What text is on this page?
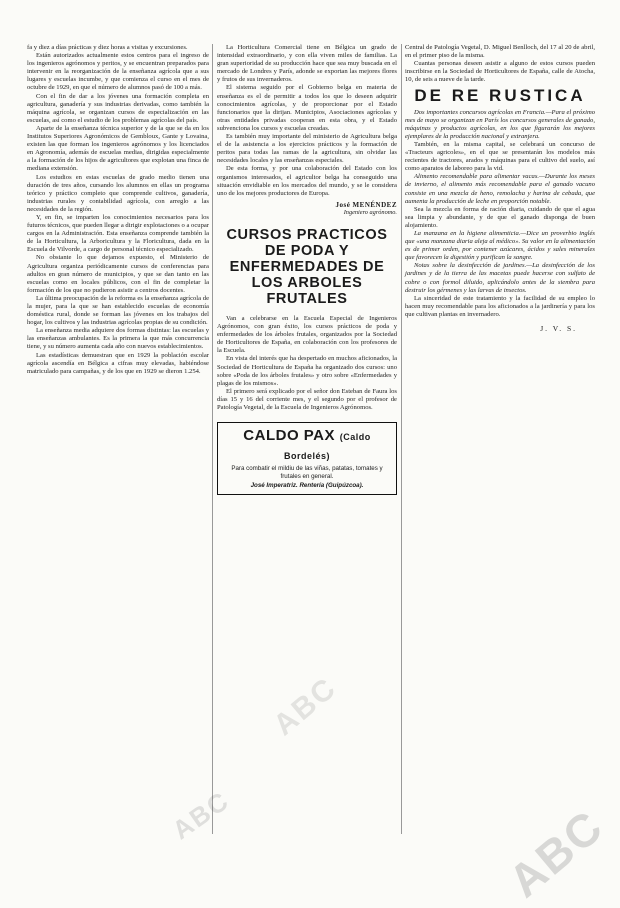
fa y diez a días prácticas y diez horas a visitas y excursiones.

Están autorizados actualmente estos centros para el ingreso de los ingenieros agrónomos y peritos, y se encuentran preparados para intervenir en la reorganización de la enseñanza agrícola que a sus lugares y escuelas incumbe, y que comienza el curso en el mes de octubre de 1929, en que el número de alumnos pasó de 100 a más.

Con el fin de dar a los jóvenes una formación completa en agricultura, ganadería y sus industrias derivadas, como también la máquina agrícola, se organizan cursos de especialización en las escuelas, así como el estudio de los problemas agrícolas del país.

Aparte de la enseñanza técnica superior y de la que se da en los Institutos Superiores Agronómicos de Gembloux, Gante y Lovaina, existen las que forman los ingenieros agrónomos y los licenciados en Agronomía, además de escuelas medias, dirigidas especialmente a la formación de los hijos de agricultores que explotan una finca de mediana extensión.

Los estudios en estas escuelas de grado medio tienen una duración de tres años, cursando los alumnos en ellas un programa teórico y práctico completo que comprende cultivos, ganadería, industrias rurales y contabilidad agrícola, con arreglo a las necesidades de la región.

Y, en fin, se imparten los conocimientos necesarios para los futuros técnicos, que pueden llegar a dirigir explotaciones o a ocupar cargos en la Administración. Esta enseñanza comprende también la de la Horticultura, la Arboricultura y la Floricultura, dada en la Escuela de Vilvorde, a cargo de personal técnico especializado.

No obstante lo que dejamos expuesto, el Ministerio de Agricultura organiza periódicamente cursos de conferencias para adultos en gran número de municipios, y que se dan tanto en las escuelas como en locales públicos, con el fin de completar la formación de los que no pudieron asistir a centros docentes.

La última preocupación de la reforma es la enseñanza agrícola de la mujer, para la que se han establecido escuelas de economía doméstica rural, donde se forman las jóvenes en los trabajos del hogar, los cultivos y las industrias agrícolas propias de su condición.

La enseñanza media adquiere dos formas distintas: las escuelas y las enseñanzas ambulantes. Es la primera la que más concurrencia tiene, y su número aumenta cada año con nuevos establecimientos.

Las estadísticas demuestran que en 1929 la población escolar agrícola ascendía en Bélgica a cifras muy elevadas, habiéndose matriculado para campañas, y de los que en 1929 se dieron 1.254.

La Horticultura Comercial tiene en Bélgica un grado de intensidad extraordinario, y con ella viven miles de familias. La gran superioridad de su producción hace que sea muy buscada en el mercado de Londres y París, adonde se exportan las mejores flores y frutos de sus invernaderos.

El sistema seguido por el Gobierno belga en materia de enseñanza es el de permitir a todos los que lo deseen adquirir conocimientos agrícolas, y de proporcionar por el Estado funcionarios que la dirijan. Municipios, Asociaciones agrícolas y otras entidades privadas cooperan en esta obra, y el Estado subvenciona los cursos y escuelas creadas.

Es también muy importante del ministerio de Agricultura belga el de la asistencia a los ejercicios prácticos y la formación de peritos para todas las ramas de la agricultura, sin olvidar las necesidades locales y las enseñanzas especiales.

De esta forma, y por una colaboración del Estado con los organismos interesados, el agricultor belga ha conseguido una situación envidiable en los mercados del mundo, y se le considera uno de los mejores productores de Europa.

José MENÉNDEZ
Ingeniero agrónomo.
CURSOS PRACTICOS DE PODA Y ENFERMEDADES DE LOS ARBOLES FRUTALES

Van a celebrarse en la Escuela Especial de Ingenieros Agrónomos, con gran éxito, los cursos prácticos de poda y enfermedades de los árboles frutales, organizados por la Sociedad de Horticultores de España, en colaboración con los profesores de la Escuela.

En vista del interés que ha despertado en muchos aficionados, la Sociedad de Horticultura de España ha organizado dos cursos: uno sobre «Poda de los árboles frutales» y otro sobre «Enfermedades y plagas de los mismos».

El primero será explicado por el señor don Esteban de Faura los días 15 y 16 del corriente mes, y el segundo por el profesor de Patología Vegetal, de la Escuela de Ingenieros Agrónomos.

CALDO PAX (Caldo Bordelés)
Para combatir el mildiu de las viñas, patatas, tomates y frutales en general.
José Imperatriz. Rentería (Guipúzcoa).

Central de Patología Vegetal, D. Miguel Benlloch, del 17 al 20 de abril, en el primer piso de la misma.

Cuantas personas deseen asistir a alguno de estos cursos pueden inscribirse en la Sociedad de Horticultores de España, calle de Atocha, 10, de seis a nueve de la tarde.

DE RE RUSTICA

Dos importantes concursos agrícolas en Francia.—Para el próximo mes de mayo se organizan en París los concursos generales de ganado, máquinas y productos agrícolas, en los que figurarán los mejores ejemplares de la producción nacional y extranjera.

También, en la misma capital, se celebrará un concurso de «Tracteurs agricoles», en el que se presentarán los modelos más recientes de tractores, arados y máquinas para el cultivo del suelo, así como aparatos de laboreo para la vid.

Alimento recomendable para alimentar vacas.—Durante los meses de invierno, el alimento más recomendable para el ganado vacuno consiste en una mezcla de heno, remolacha y harina de cebada, que aumenta la producción de leche en proporción notable.

Sea la mezcla en forma de ración diaria, cuidando de que el agua sea limpia y abundante, y de que el ganado disponga de buen alojamiento.

La manzana en la higiene alimenticia.—Dice un proverbio inglés que «una manzana diaria aleja al médico». Su valor en la alimentación es de primer orden, por contener azúcares, ácidos y sales minerales que favorecen la digestión y purifican la sangre.

Notas sobre la desinfección de jardines.—La desinfección de los jardines y de la tierra de las macetas puede hacerse con sulfato de cobre o con formol diluido, aplicándolo antes de la siembra para destruir los gérmenes y las larvas de insectos.

La sinceridad de este tratamiento y la facilidad de su empleo lo hacen muy recomendable para los aficionados a la jardinería y para los que cultivan plantas en invernadero.

J. V. S.
ABC
ABC
ABC
